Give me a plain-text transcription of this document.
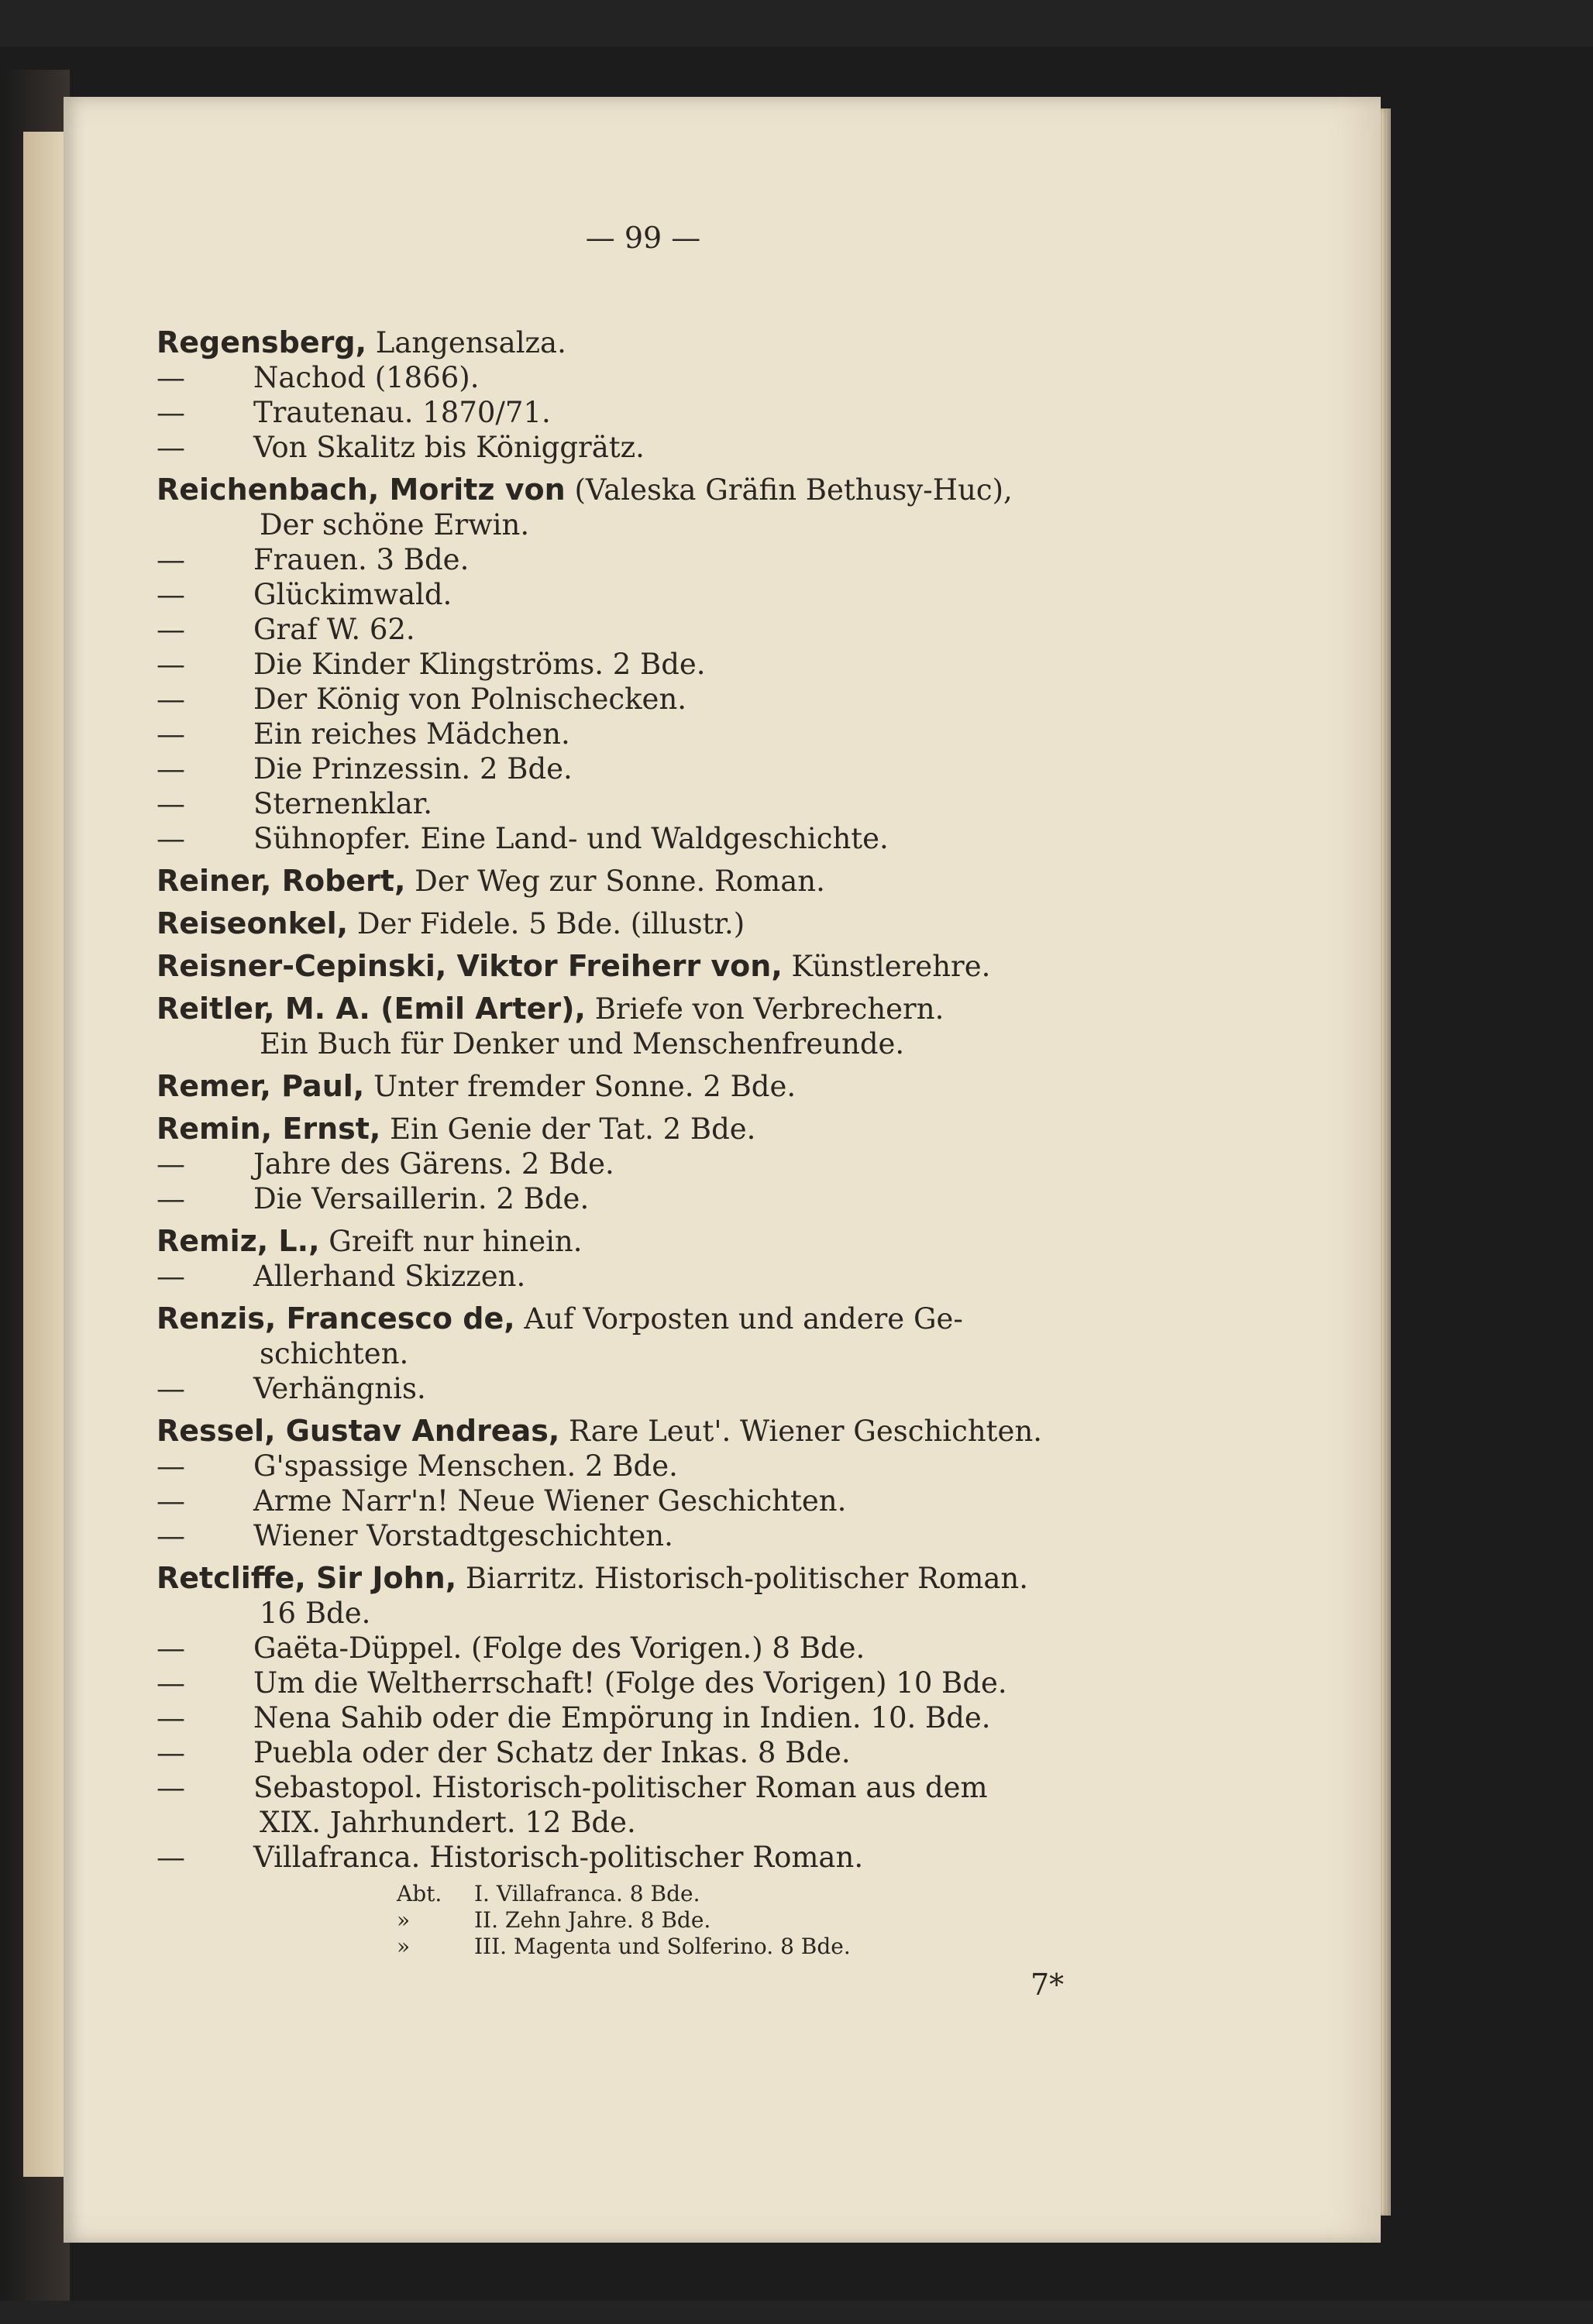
— 99 —
Regensberg, Langensalza.
—	Nachod (1866).
—	Trautenau. 1870/71.
—	Von Skalitz bis Königgrätz.
Reichenbach, Moritz von (Valeska Gräfin Bethusy-Huc),
Der schöne Erwin.
—	Frauen. 3 Bde.
—	Glückimwald.
—	Graf W. 62.
—	Die Kinder Klingströms. 2 Bde.
—	Der König von Polnischecken.
—	Ein reiches Mädchen.
—	Die Prinzessin. 2 Bde.
—	Sternenklar.
—	Sühnopfer. Eine Land- und Waldgeschichte.
Reiner, Robert, Der Weg zur Sonne. Roman.
Reiseonkel, Der Fidele. 5 Bde. (illustr.)
Reisner-Cepinski, Viktor Freiherr von, Künstlerehre.
Reitler, M. A. (Emil Arter), Briefe von Verbrechern.
Ein Buch für Denker und Menschenfreunde.
Remer, Paul, Unter fremder Sonne. 2 Bde.
Remin, Ernst, Ein Genie der Tat. 2 Bde.
—	Jahre des Gärens. 2 Bde.
—	Die Versaillerin. 2 Bde.
Remiz, L., Greift nur hinein.
—	Allerhand Skizzen.
Renzis, Francesco de, Auf Vorposten und andere Ge-
schichten.
—	Verhängnis.
Ressel, Gustav Andreas, Rare Leut'. Wiener Geschichten.
—	G'spassige Menschen. 2 Bde.
—	Arme Narr'n! Neue Wiener Geschichten.
—	Wiener Vorstadtgeschichten.
Retcliffe, Sir John, Biarritz. Historisch-politischer Roman.
16 Bde.
—	Gaëta-Düppel. (Folge des Vorigen.) 8 Bde.
—	Um die Weltherrschaft! (Folge des Vorigen) 10 Bde.
—	Nena Sahib oder die Empörung in Indien. 10. Bde.
—	Puebla oder der Schatz der Inkas. 8 Bde.
—	Sebastopol. Historisch-politischer Roman aus dem
XIX. Jahrhundert. 12 Bde.
—	Villafranca. Historisch-politischer Roman.
Abt.	I. Villafranca. 8 Bde.
»	II. Zehn Jahre. 8 Bde.
»	III. Magenta und Solferino. 8 Bde.
7*
